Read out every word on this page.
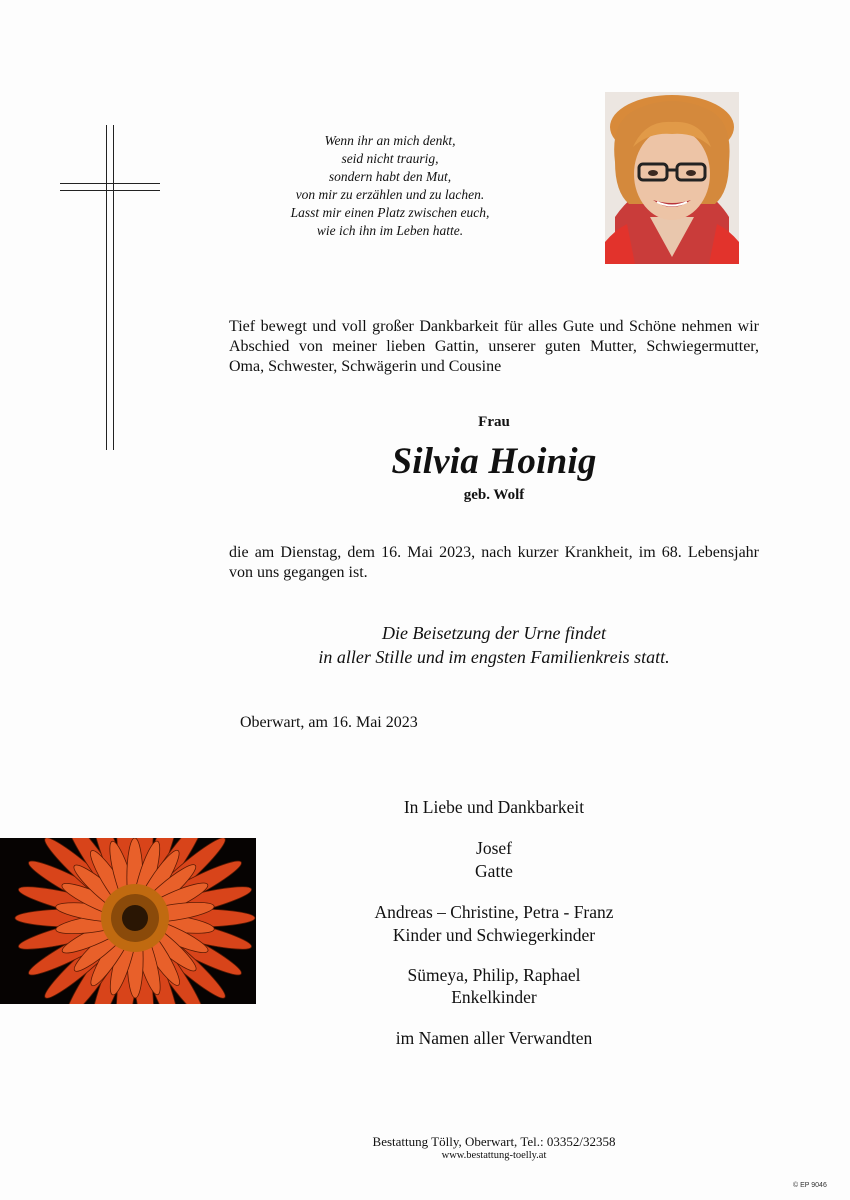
Wenn ihr an mich denkt,
seid nicht traurig,
sondern habt den Mut,
von mir zu erzählen und zu lachen.
Lasst mir einen Platz zwischen euch,
wie ich ihn im Leben hatte.
Tief bewegt und voll großer Dankbarkeit für alles Gute und Schöne nehmen wir
Abschied von meiner lieben Gattin, unserer guten Mutter, Schwiegermutter,
Oma, Schwester, Schwägerin und Cousine
Frau
Silvia Hoinig
geb. Wolf
die am Dienstag, dem 16. Mai 2023, nach kurzer Krankheit, im 68. Lebensjahr
von uns gegangen ist.
Die Beisetzung der Urne findet
in aller Stille und im engsten Familienkreis statt.
Oberwart, am 16. Mai 2023
In Liebe und Dankbarkeit
Josef
Gatte
Andreas – Christine, Petra - Franz
Kinder und Schwiegerkinder
Sümeya, Philip, Raphael
Enkelkinder
im Namen aller Verwandten
Bestattung Tölly, Oberwart, Tel.: 03352/32358
www.bestattung-toelly.at
© EP 9046
